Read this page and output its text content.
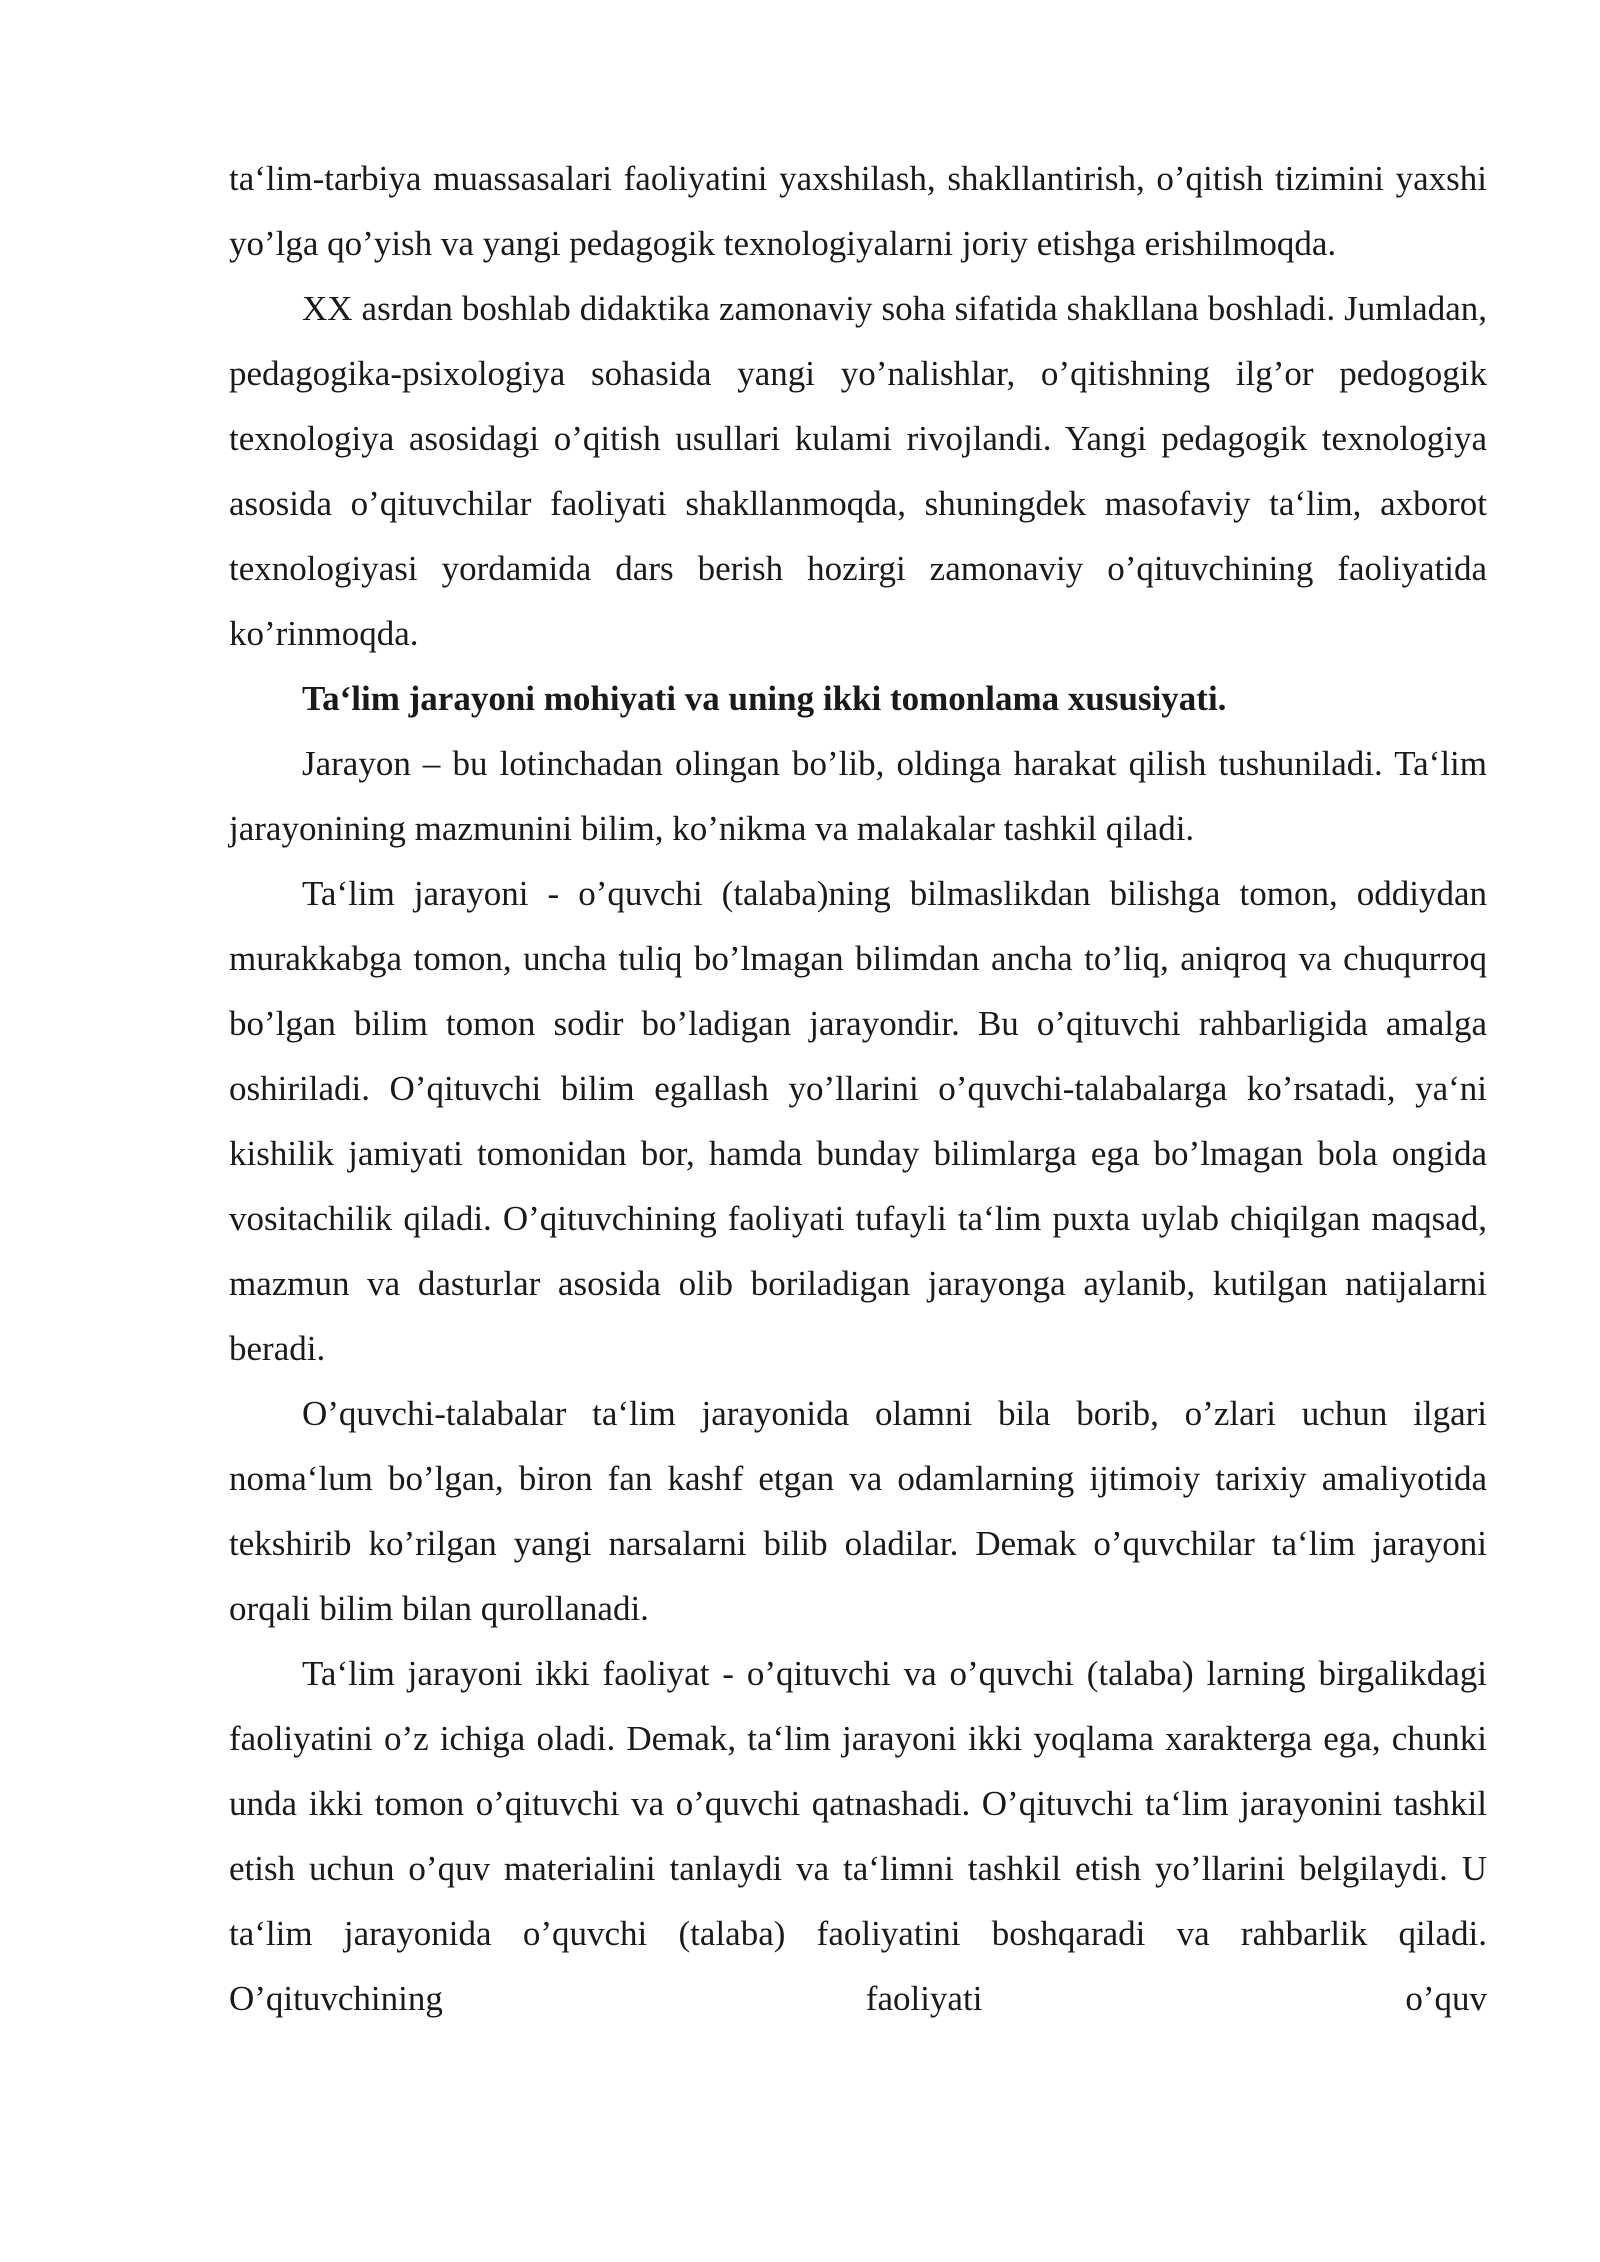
ta‘lim-tarbiya muassasalari faoliyatini yaxshilash, shakllantirish, o’qitish tizimini yaxshi yo’lga qo’yish va yangi pedagogik texnologiyalarni joriy etishga erishilmoqda.

XX asrdan boshlab didaktika zamonaviy soha sifatida shakllana boshladi. Jumladan, pedagogika-psixologiya sohasida yangi yo’nalishlar, o’qitishning ilg’or pedogogik texnologiya asosidagi o’qitish usullari kulami rivojlandi. Yangi pedagogik texnologiya asosida o’qituvchilar faoliyati shakllanmoqda, shuningdek masofaviy ta‘lim, axborot texnologiyasi yordamida dars berish hozirgi zamonaviy o’qituvchining faoliyatida ko’rinmoqda.

Ta‘lim jarayoni mohiyati va uning ikki tomonlama xususiyati.

Jarayon – bu lotinchadan olingan bo’lib, oldinga harakat qilish tushuniladi. Ta‘lim jarayonining mazmunini bilim, ko’nikma va malakalar tashkil qiladi.

Ta‘lim jarayoni - o’quvchi (talaba)ning bilmaslikdan bilishga tomon, oddiydan murakkabga tomon, uncha tuliq bo’lmagan bilimdan ancha to’liq, aniqroq va chuqurroq bo’lgan bilim tomon sodir bo’ladigan jarayondir. Bu o’qituvchi rahbarligida amalga oshiriladi. O’qituvchi bilim egallash yo’llarini o’quvchi-talabalarga ko’rsatadi, ya‘ni kishilik jamiyati tomonidan bor, hamda bunday bilimlarga ega bo’lmagan bola ongida vositachilik qiladi. O’qituvchining faoliyati tufayli ta‘lim puxta uylab chiqilgan maqsad, mazmun va dasturlar asosida olib boriladigan jarayonga aylanib, kutilgan natijalarni beradi.

O’quvchi-talabalar ta‘lim jarayonida olamni bila borib, o’zlari uchun ilgari noma‘lum bo’lgan, biron fan kashf etgan va odamlarning ijtimoiy tarixiy amaliyotida tekshirib ko’rilgan yangi narsalarni bilib oladilar. Demak o’quvchilar ta‘lim jarayoni orqali bilim bilan qurollanadi.

Ta‘lim jarayoni ikki faoliyat - o’qituvchi va o’quvchi (talaba) larning birgalikdagi faoliyatini o’z ichiga oladi. Demak, ta‘lim jarayoni ikki yoqlama xarakterga ega, chunki unda ikki tomon o’qituvchi va o’quvchi qatnashadi. O’qituvchi ta‘lim jarayonini tashkil etish uchun o’quv materialini tanlaydi va ta‘limni tashkil etish yo’llarini belgilaydi. U ta‘lim jarayonida o’quvchi (talaba) faoliyatini boshqaradi va rahbarlik qiladi. O’qituvchining faoliyati o’quv
